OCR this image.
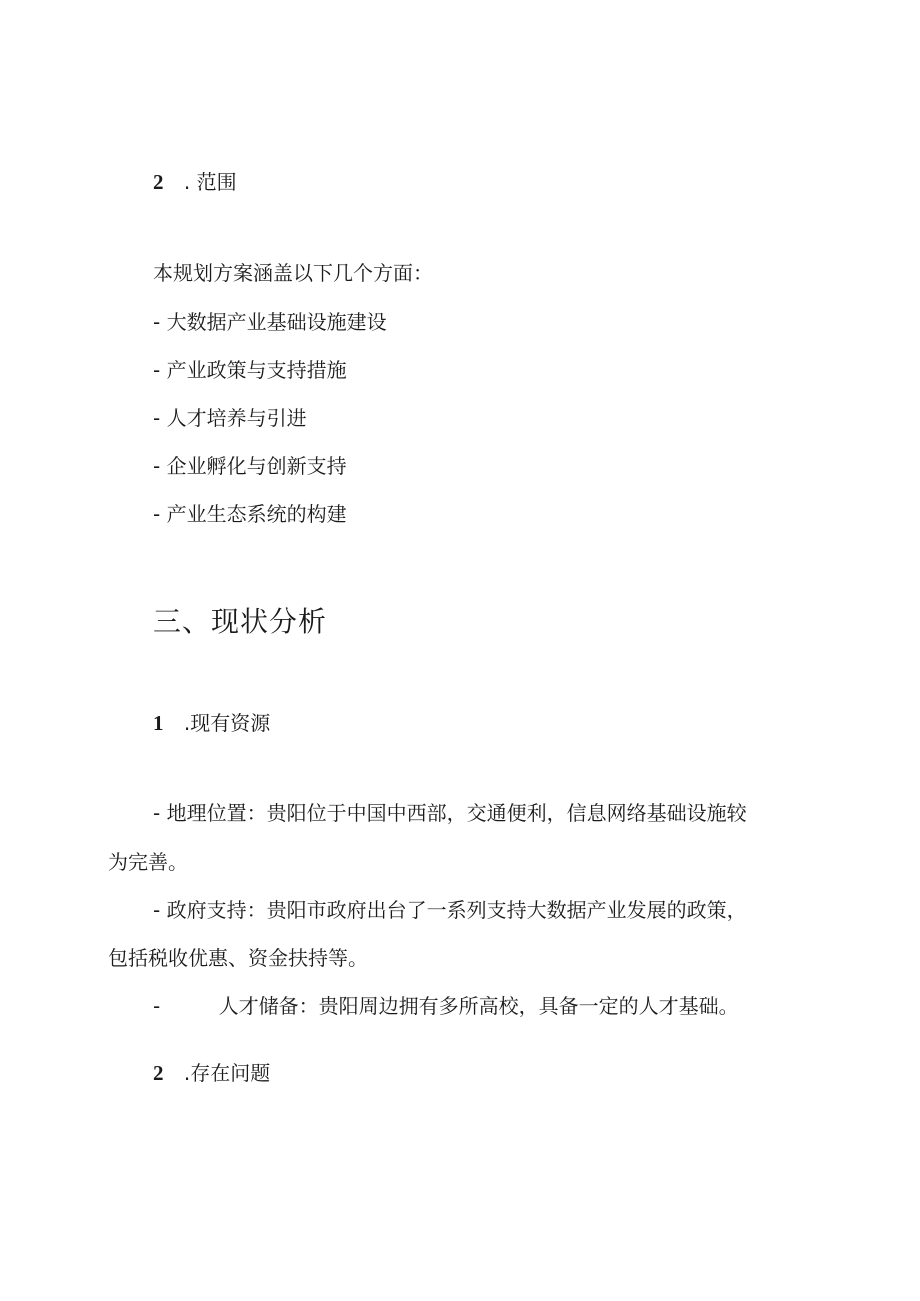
2 . 范围
本规划方案涵盖以下几个方面：
- 大数据产业基础设施建设
- 产业政策与支持措施
- 人才培养与引进
- 企业孵化与创新支持
- 产业生态系统的构建
三、现状分析
1 .现有资源
- 地理位置：贵阳位于中国中西部，交通便利，信息网络基础设施较
为完善。
- 政府支持：贵阳市政府出台了一系列支持大数据产业发展的政策，
包括税收优惠、资金扶持等。
-	人才储备：贵阳周边拥有多所高校，具备一定的人才基础。
2 .存在问题
